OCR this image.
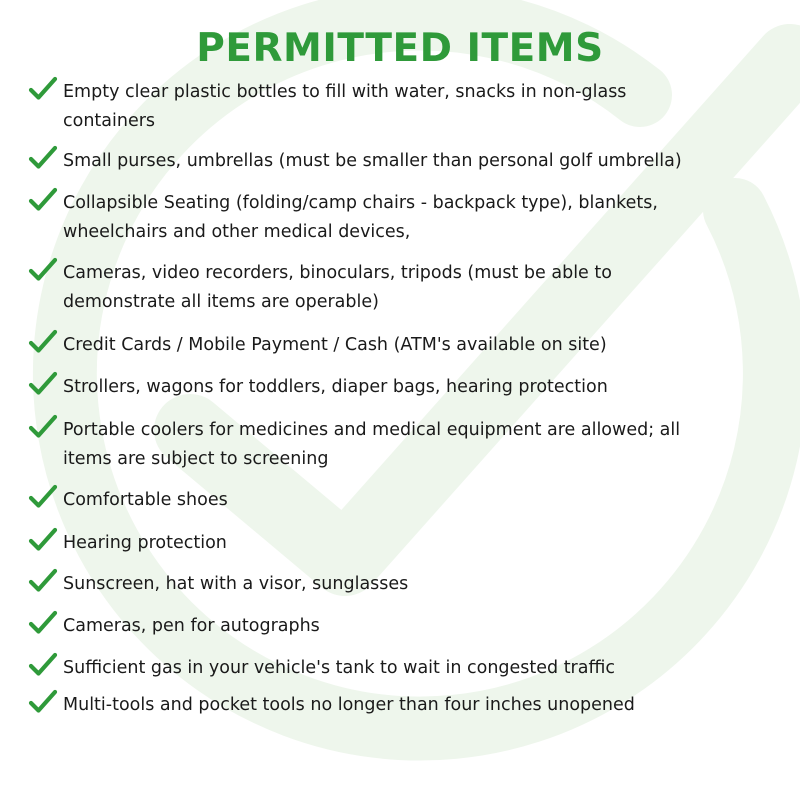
PERMITTED ITEMS
Empty clear plastic bottles to fill with water, snacks in non-glass
containers
Small purses, umbrellas (must be smaller than personal golf umbrella)
Collapsible Seating (folding/camp chairs - backpack type), blankets,
wheelchairs and other medical devices,
Cameras, video recorders, binoculars, tripods (must be able to
demonstrate all items are operable)
Credit Cards / Mobile Payment / Cash (ATM's available on site)
Strollers, wagons for toddlers, diaper bags, hearing protection
Portable coolers for medicines and medical equipment are allowed; all
items are subject to screening
Comfortable shoes
Hearing protection
Sunscreen, hat with a visor, sunglasses
Cameras, pen for autographs
Sufficient gas in your vehicle's tank to wait in congested traffic
Multi-tools and pocket tools no longer than four inches unopened
